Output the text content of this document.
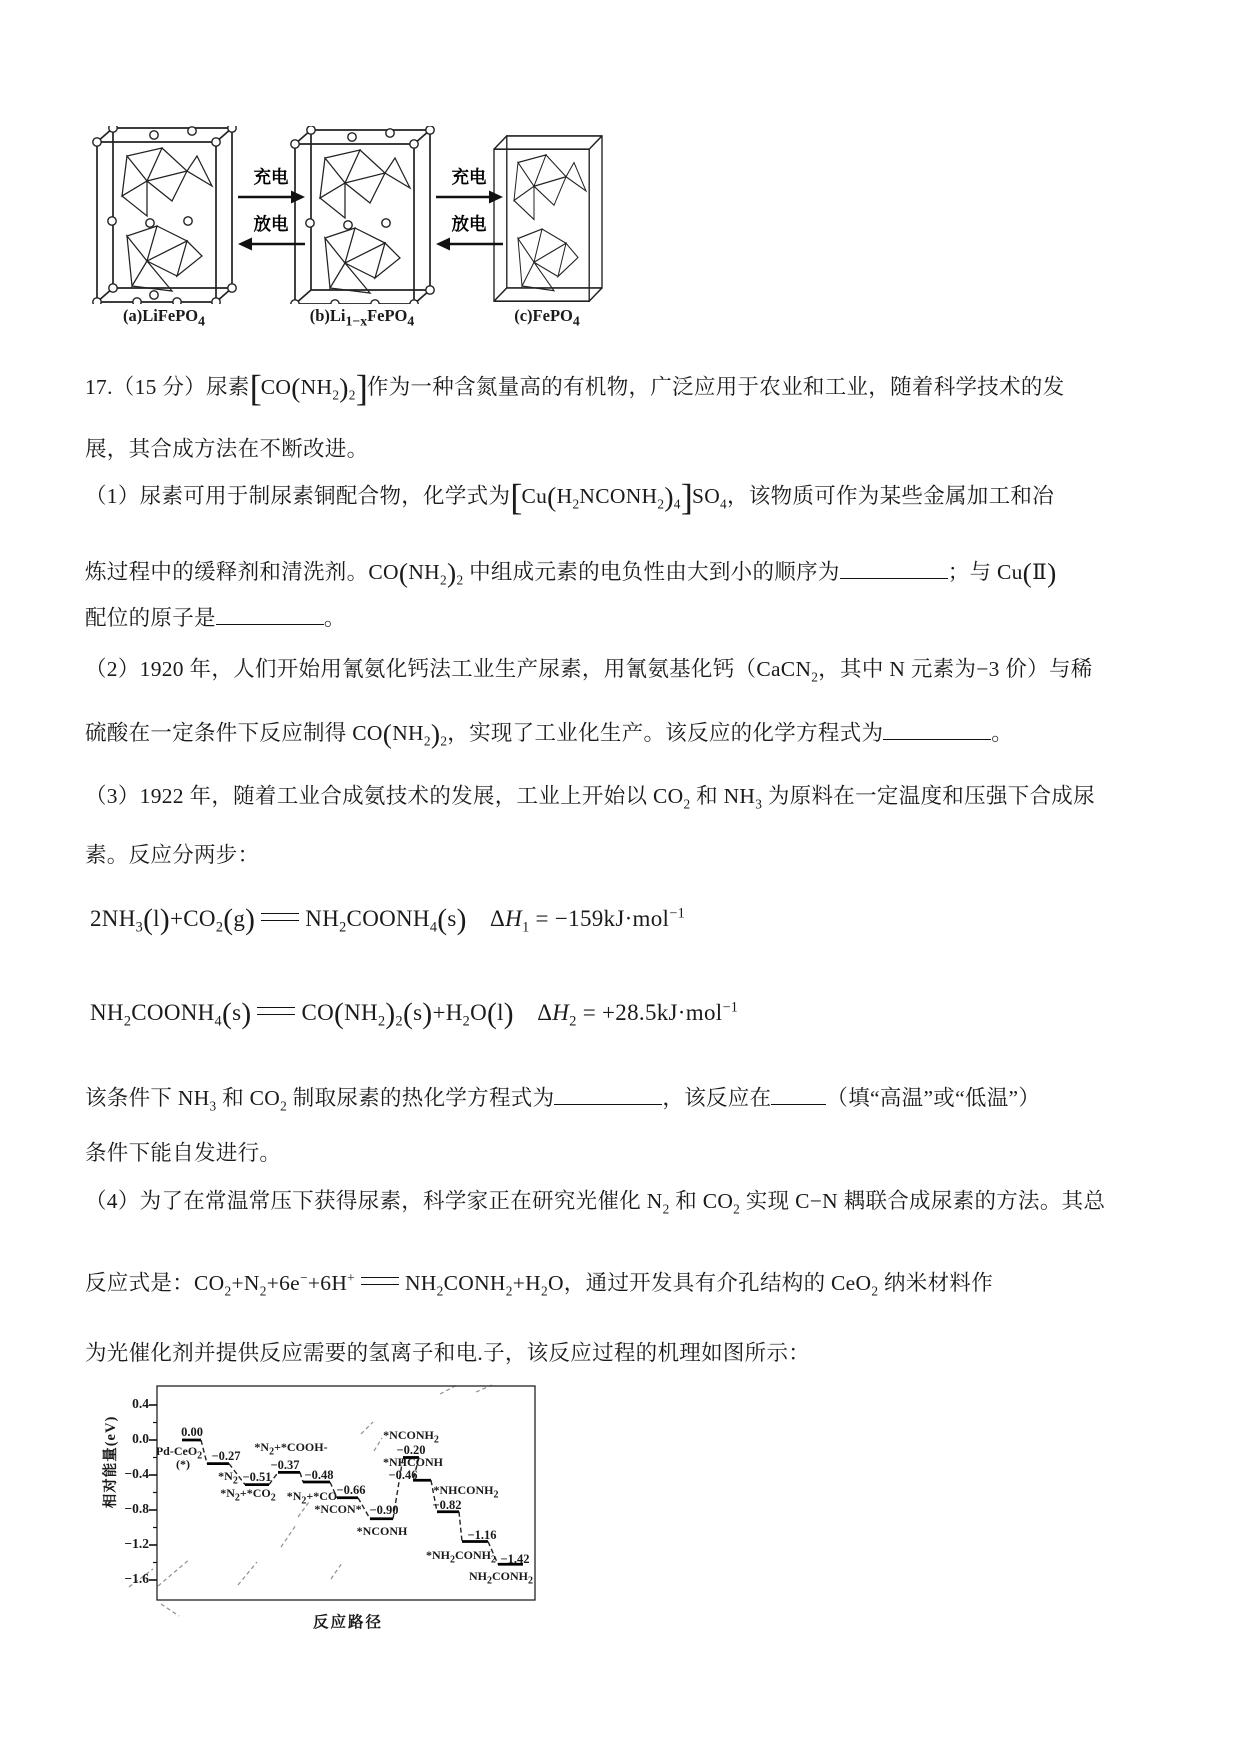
充电
放电
充电
放电
(a)LiFePO$_4$	$(b)Li_{1-x}FePO_4$	(c)FePO$_4$
17.（15 分）尿素$[CO(NH_2)_2]$作为一种含氮量高的有机物，广泛应用于农业和工业，随着科学技术的发
展，其合成方法在不断改进。
（1）尿素可用于制尿素铜配合物，化学式为$[Cu(H_2NCONH_2)_4]SO_4$，该物质可作为某些金属加工和冶
炼过程中的缓释剂和清洗剂。$CO(NH_2)_2$ 中组成元素的电负性由大到小的顺序为	；与 Cu(Ⅱ)
配位的原子是	。
（2）1920 年，人们开始用氰氨化钙法工业生产尿素，用氰氨基化钙（CaCN$_2$，其中 N 元素为−3 价）与稀
硫酸在一定条件下反应制得 $CO(NH_2)_2$，实现了工业化生产。该反应的化学方程式为	。
（3）1922 年，随着工业合成氨技术的发展，工业上开始以 $CO_2$ 和 $NH_3$ 为原料在一定温度和压强下合成尿
素。反应分两步：
$2NH_3(l)+CO_2(g)$ $NH_2COONH_4(s)$ $\Delta H_1 = -159kJ\cdot mol^{-1}$
$NH_2COONH_4(s)$ $CO(NH_2)_2(s)+H_2O(l)$ $\Delta H_2 = +28.5kJ\cdot mol^{-1}$
该条件下 $NH_3$ 和 $CO_2$ 制取尿素的热化学方程式为	，该反应在	（填“高温”或“低温”）
条件下能自发进行。
（4）为了在常温常压下获得尿素，科学家正在研究光催化 $N_2$ 和 $CO_2$ 实现 C−N 耦联合成尿素的方法。其总
反应式是：$CO_2+N_2+6e^-+6H^+$ $NH_2CONH_2+H_2O$，通过开发具有介孔结构的 CeO$_2$ 纳米材料作
为光催化剂并提供反应需要的氢离子和电.子，该反应过程的机理如图所示：
相对能量(eV)
0.4
0.0
−0.4
−0.8
−1.2
−1.6
0.00
Pd-CeO$_2$
(*)
−0.27
$*N_2 -0.51$
$*N_2+*CO_2$
−0.37
$*N_2+*COOH-$
−0.48
$*N_2+*CO -0.66$
*NCON* −0.90
*NCONH
−0.20
$*NCONH_2$
−0.46
*NHCONH
−0.82
$*NHCONH_2$
−1.16
$*NH_2CONH_2 -1.42$
$NH_2CONH_2$
反应路径
